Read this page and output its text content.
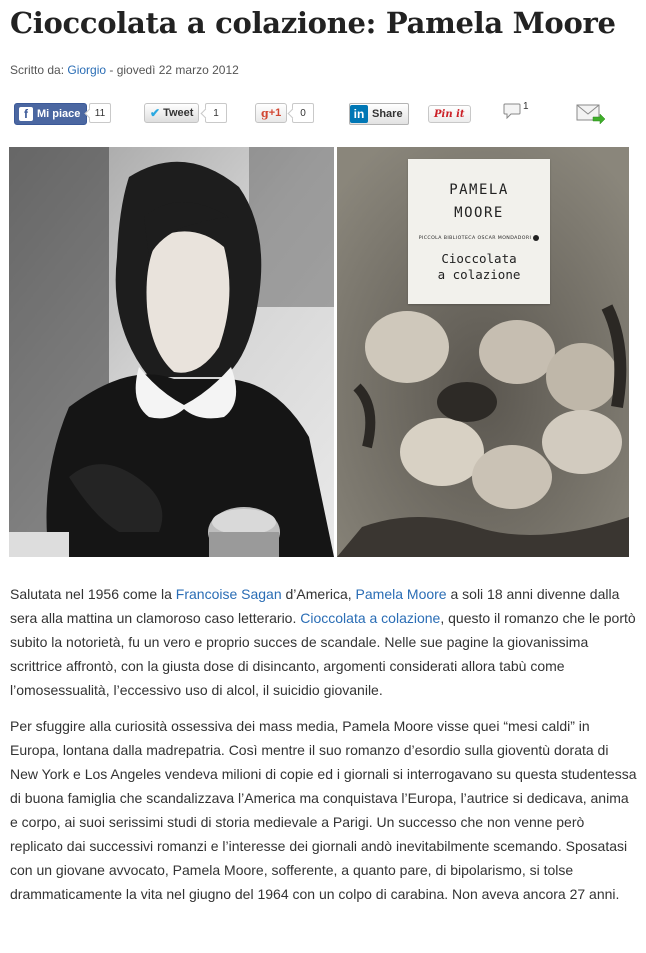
Cioccolata a colazione: Pamela Moore
Scritto da: Giorgio - giovedì 22 marzo 2012
f Mi piace	11	✔ Tweet	1	g +1	0	in Share	Pin it
1
PAMELA
MOORE
PICCOLA BIBLIOTECA OSCAR MONDADORI
Cioccolata
a colazione

Salutata nel 1956 come la Francoise Sagan d’America, Pamela Moore a soli 18 anni divenne dalla sera alla mattina un clamoroso caso letterario. Cioccolata a colazione, questo il romanzo che le portò subito la notorietà, fu un vero e proprio succes de scandale. Nelle sue pagine la giovanissima scrittrice affrontò, con la giusta dose di disincanto, argomenti considerati allora tabù come l’omosessualità, l’eccessivo uso di alcol, il suicidio giovanile.

Per sfuggire alla curiosità ossessiva dei mass media, Pamela Moore visse quei “mesi caldi” in Europa, lontana dalla madrepatria. Così mentre il suo romanzo d’esordio sulla gioventù dorata di New York e Los Angeles vendeva milioni di copie ed i giornali si interrogavano su questa studentessa di buona famiglia che scandalizzava l’America ma conquistava l’Europa, l’autrice si dedicava, anima e corpo, ai suoi serissimi studi di storia medievale a Parigi. Un successo che non venne però replicato dai successivi romanzi e l’interesse dei giornali andò inevitabilmente scemando. Sposatasi con un giovane avvocato, Pamela Moore, sofferente, a quanto pare, di bipolarismo, si tolse drammaticamente la vita nel giugno del 1964 con un colpo di carabina. Non aveva ancora 27 anni.
